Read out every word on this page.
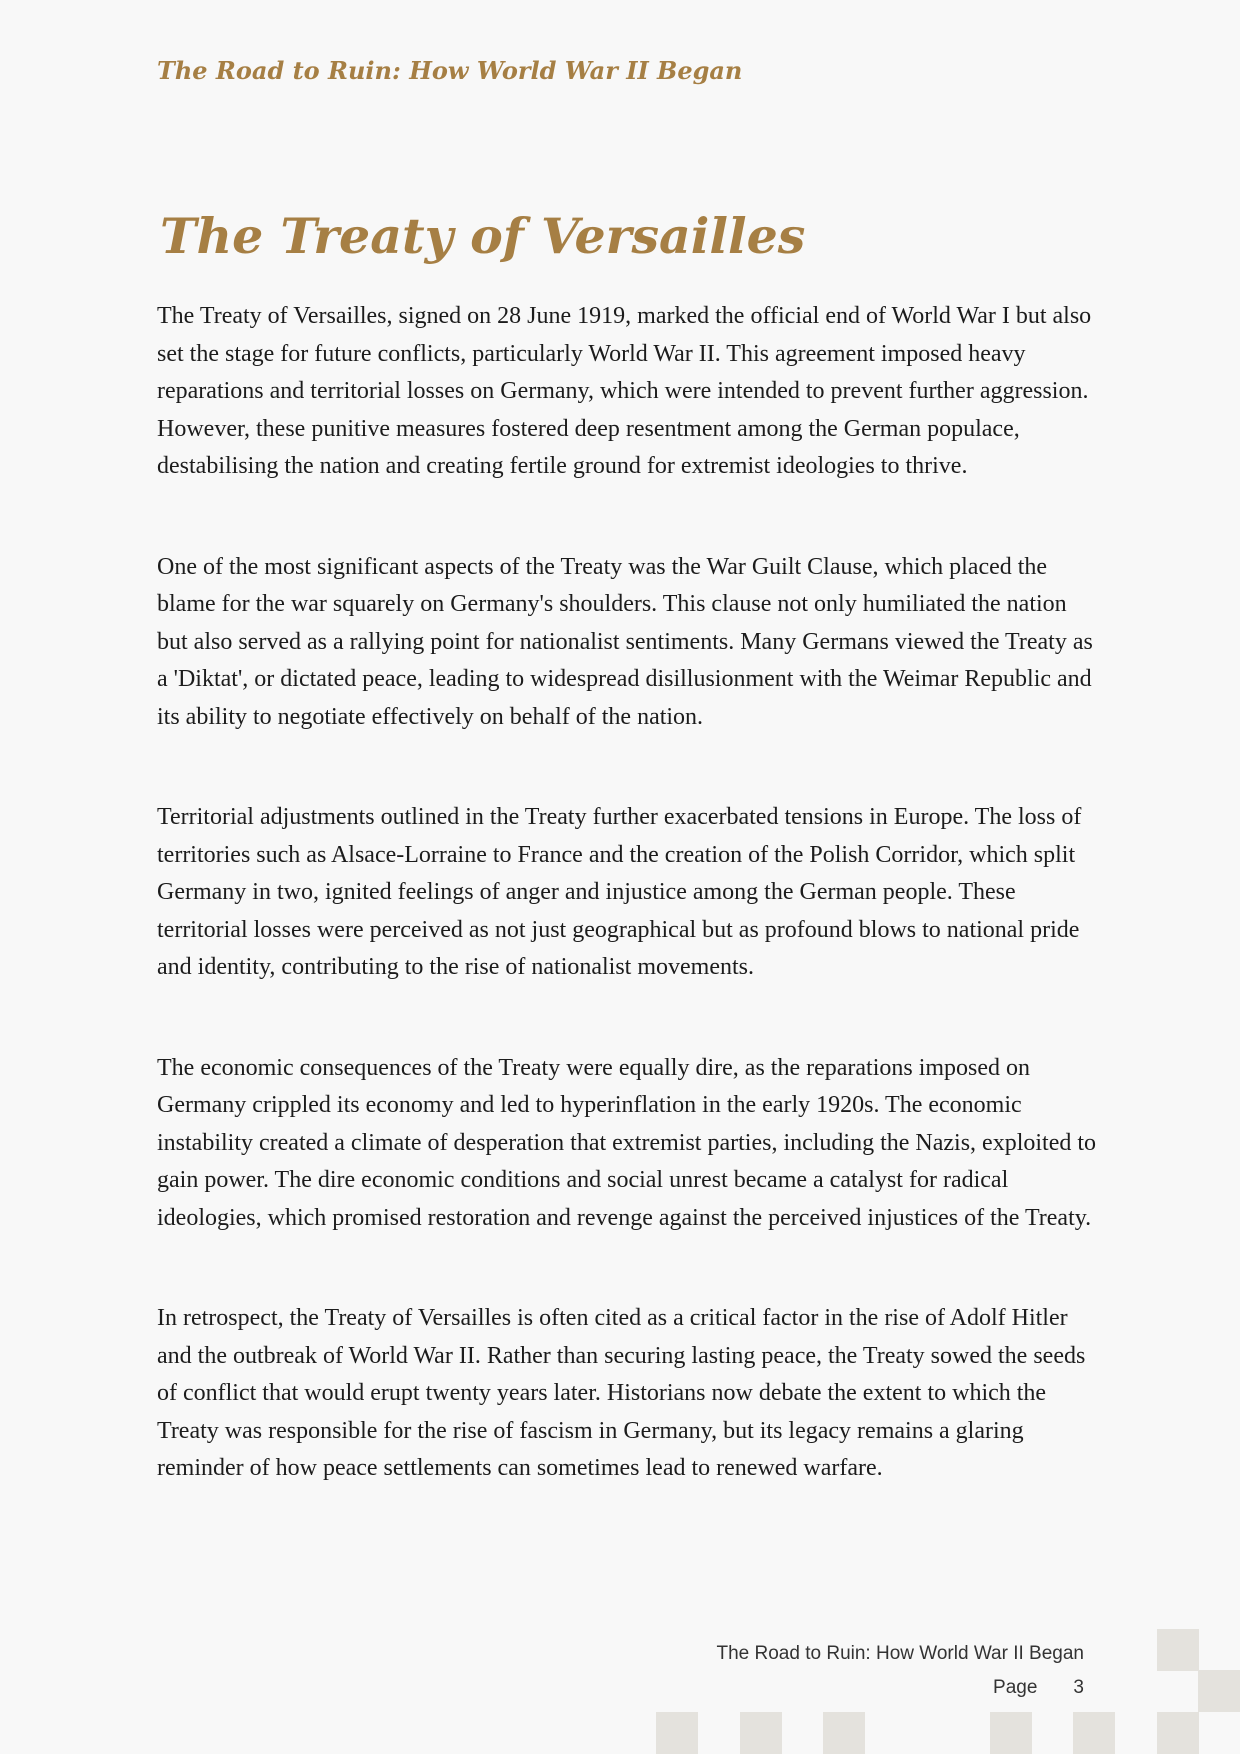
The Road to Ruin: How World War II Began
The Treaty of Versailles

The Treaty of Versailles, signed on 28 June 1919, marked the official end of World War I but also set the stage for future conflicts, particularly World War II. This agreement imposed heavy reparations and territorial losses on Germany, which were intended to prevent further aggression. However, these punitive measures fostered deep resentment among the German populace, destabilising the nation and creating fertile ground for extremist ideologies to thrive.

One of the most significant aspects of the Treaty was the War Guilt Clause, which placed the blame for the war squarely on Germany's shoulders. This clause not only humiliated the nation but also served as a rallying point for nationalist sentiments. Many Germans viewed the Treaty as a 'Diktat', or dictated peace, leading to widespread disillusionment with the Weimar Republic and its ability to negotiate effectively on behalf of the nation.

Territorial adjustments outlined in the Treaty further exacerbated tensions in Europe. The loss of territories such as Alsace-Lorraine to France and the creation of the Polish Corridor, which split Germany in two, ignited feelings of anger and injustice among the German people. These territorial losses were perceived as not just geographical but as profound blows to national pride and identity, contributing to the rise of nationalist movements.

The economic consequences of the Treaty were equally dire, as the reparations imposed on Germany crippled its economy and led to hyperinflation in the early 1920s. The economic instability created a climate of desperation that extremist parties, including the Nazis, exploited to gain power. The dire economic conditions and social unrest became a catalyst for radical ideologies, which promised restoration and revenge against the perceived injustices of the Treaty.

In retrospect, the Treaty of Versailles is often cited as a critical factor in the rise of Adolf Hitler and the outbreak of World War II. Rather than securing lasting peace, the Treaty sowed the seeds of conflict that would erupt twenty years later. Historians now debate the extent to which the Treaty was responsible for the rise of fascism in Germany, but its legacy remains a glaring reminder of how peace settlements can sometimes lead to renewed warfare.

The Road to Ruin: How World War II Began
Page 3
